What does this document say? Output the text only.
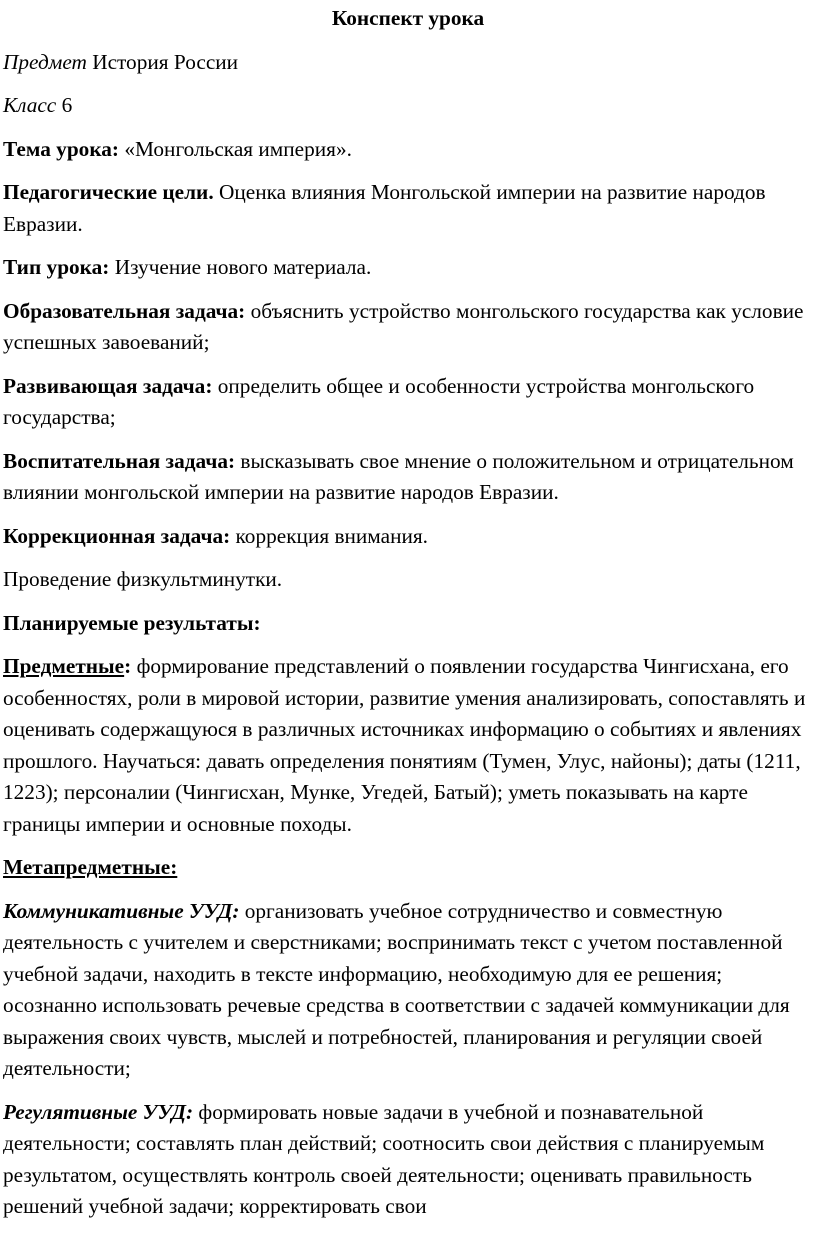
Конспект урока

Предмет История России

Класс 6

Тема урока: «Монгольская империя».

Педагогические цели. Оценка влияния Монгольской империи на развитие народов Евразии.

Тип урока: Изучение нового материала.

Образовательная задача: объяснить устройство монгольского государства как условие успешных завоеваний;

Развивающая задача: определить общее и особенности устройства монгольского государства;

Воспитательная задача: высказывать свое мнение о положительном и отрицательном влиянии монгольской империи на развитие народов Евразии.

Коррекционная задача: коррекция внимания.

Проведение физкультминутки.

Планируемые результаты:

Предметные: формирование представлений о появлении государства Чингисхана, его особенностях, роли в мировой истории, развитие умения анализировать, сопоставлять и оценивать содержащуюся в различных источниках информацию о событиях и явлениях прошлого. Научаться: давать определения понятиям (Тумен, Улус, найоны); даты (1211, 1223); персоналии (Чингисхан, Мунке, Угедей, Батый); уметь показывать на карте границы империи и основные походы.

Метапредметные:

Коммуникативные УУД: организовать учебное сотрудничество и совместную деятельность с учителем и сверстниками; воспринимать текст с учетом поставленной учебной задачи, находить в тексте информацию, необходимую для ее решения; осознанно использовать речевые средства в соответствии с задачей коммуникации для выражения своих чувств, мыслей и потребностей, планирования и регуляции своей деятельности;

Регулятивные УУД: формировать новые задачи в учебной и познавательной деятельности; составлять план действий; соотносить свои действия с планируемым результатом, осуществлять контроль своей деятельности; оценивать правильность решений учебной задачи; корректировать свои
